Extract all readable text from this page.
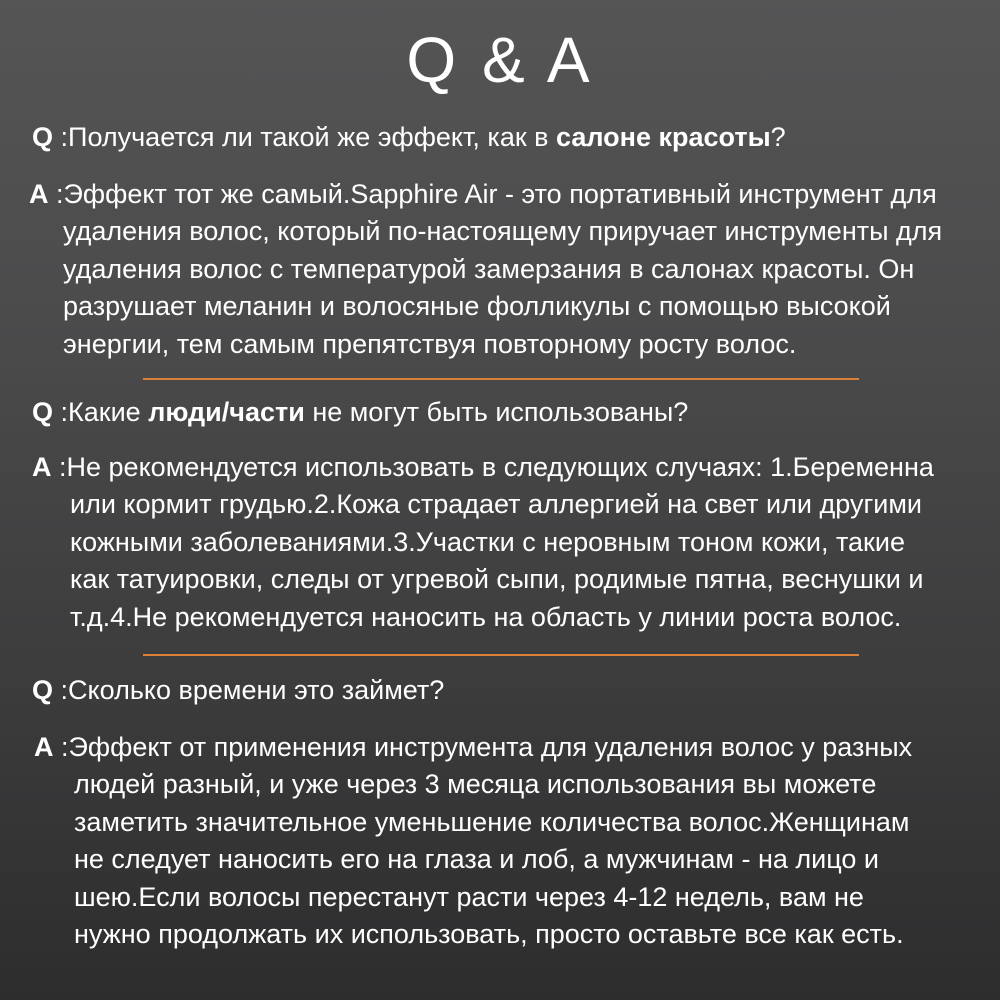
Q & A
Q :Получается ли такой же эффект, как в салоне красоты?
A :Эффект тот же самый.Sapphire Air - это портативный инструмент для
удаления волос, который по-настоящему приручает инструменты для
удаления волос с температурой замерзания в салонах красоты. Он
разрушает меланин и волосяные фолликулы с помощью высокой
энергии, тем самым препятствуя повторному росту волос.
Q :Какие люди/части не могут быть использованы?
A :Не рекомендуется использовать в следующих случаях: 1.Беременна
или кормит грудью.2.Кожа страдает аллергией на свет или другими
кожными заболеваниями.3.Участки с неровным тоном кожи, такие
как татуировки, следы от угревой сыпи, родимые пятна, веснушки и
т.д.4.Не рекомендуется наносить на область у линии роста волос.
Q :Сколько времени это займет?
A :Эффект от применения инструмента для удаления волос у разных
людей разный, и уже через 3 месяца использования вы можете
заметить значительное уменьшение количества волос.Женщинам
не следует наносить его на глаза и лоб, а мужчинам - на лицо и
шею.Если волосы перестанут расти через 4-12 недель, вам не
нужно продолжать их использовать, просто оставьте все как есть.
